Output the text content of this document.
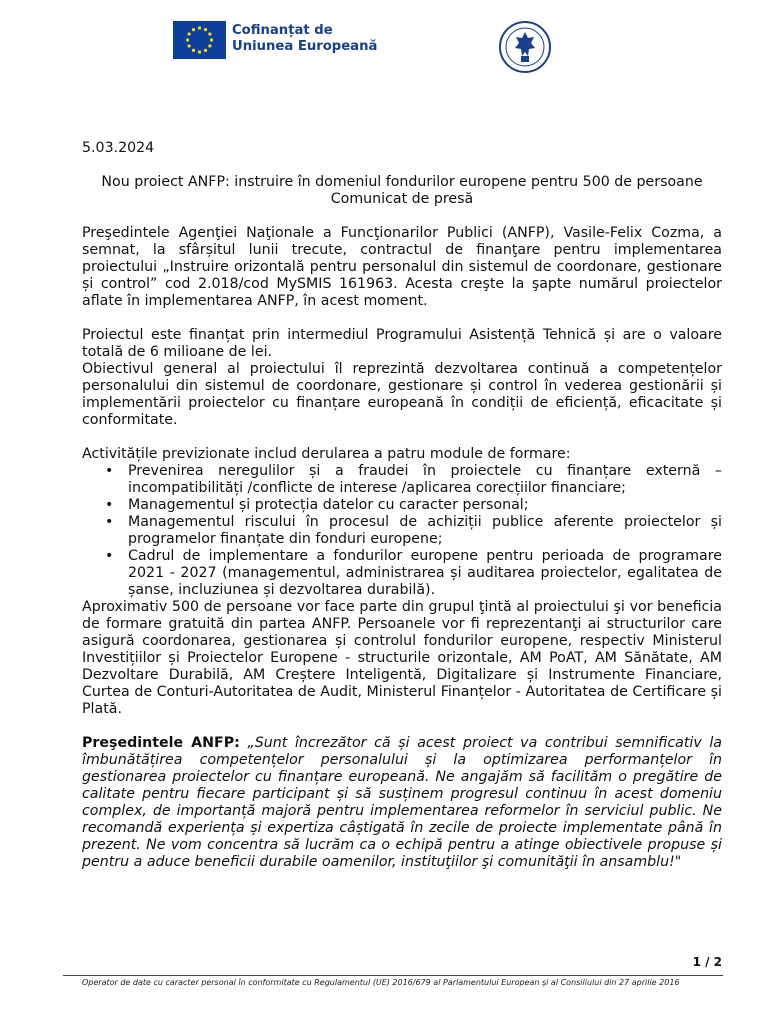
Cofinanțat de
Uniunea Europeană
5.03.2024
Nou proiect ANFP: instruire în domeniul fondurilor europene pentru 500 de persoane
Comunicat de presă

Preşedintele Agenţiei Naţionale a Funcţionarilor Publici (ANFP), Vasile-Felix Cozma, a semnat, la sfârșitul lunii trecute, contractul de finanţare pentru implementarea proiectului „Instruire orizontală pentru personalul din sistemul de coordonare, gestionare și control” cod 2.018/cod MySMIS 161963. Acesta creşte la şapte numărul proiectelor aflate în implementarea ANFP, în acest moment.

Proiectul este finanțat prin intermediul Programului Asistență Tehnică și are o valoare totală de 6 milioane de lei.

Obiectivul general al proiectului îl reprezintă dezvoltarea continuă a competențelor personalului din sistemul de coordonare, gestionare și control în vederea gestionării și implementării proiectelor cu finanțare europeană în condiții de eficiență, eficacitate și conformitate.

Activitățile previzionate includ derularea a patru module de formare:

• Prevenirea neregulilor și a fraudei în proiectele cu finanțare externă – incompatibilități /conflicte de interese /aplicarea corecțiilor financiare;
• Managementul și protecția datelor cu caracter personal;
• Managementul riscului în procesul de achiziții publice aferente proiectelor și programelor finanțate din fonduri europene;
• Cadrul de implementare a fondurilor europene pentru perioada de programare 2021 - 2027 (managementul, administrarea și auditarea proiectelor, egalitatea de șanse, incluziunea și dezvoltarea durabilă).

Aproximativ 500 de persoane vor face parte din grupul ţintă al proiectului şi vor beneficia de formare gratuită din partea ANFP. Persoanele vor fi reprezentanţi ai structurilor care asigură coordonarea, gestionarea și controlul fondurilor europene, respectiv Ministerul Investițiilor și Proiectelor Europene - structurile orizontale, AM PoAT, AM Sănătate, AM Dezvoltare Durabilă, AM Creștere Inteligentă, Digitalizare și Instrumente Financiare, Curtea de Conturi-Autoritatea de Audit, Ministerul Finanțelor - Autoritatea de Certificare și Plată.

Preşedintele ANFP: „Sunt încrezător că și acest proiect va contribui semnificativ la îmbunătățirea competențelor personalului și la optimizarea performanțelor în gestionarea proiectelor cu finanțare europeană. Ne angajăm să facilităm o pregătire de calitate pentru fiecare participant și să susținem progresul continuu în acest domeniu complex, de importanță majoră pentru implementarea reformelor în serviciul public. Ne recomandă experiența și expertiza câștigată în zecile de proiecte implementate până în prezent. Ne vom concentra să lucrăm ca o echipă pentru a atinge obiectivele propuse și pentru a aduce beneficii durabile oamenilor, instituţiilor şi comunităţii în ansamblu!"

1 / 2
Operator de date cu caracter personal în conformitate cu Regulamentul (UE) 2016/679 al Parlamentului European și al Consiliului din 27 aprilie 2016
